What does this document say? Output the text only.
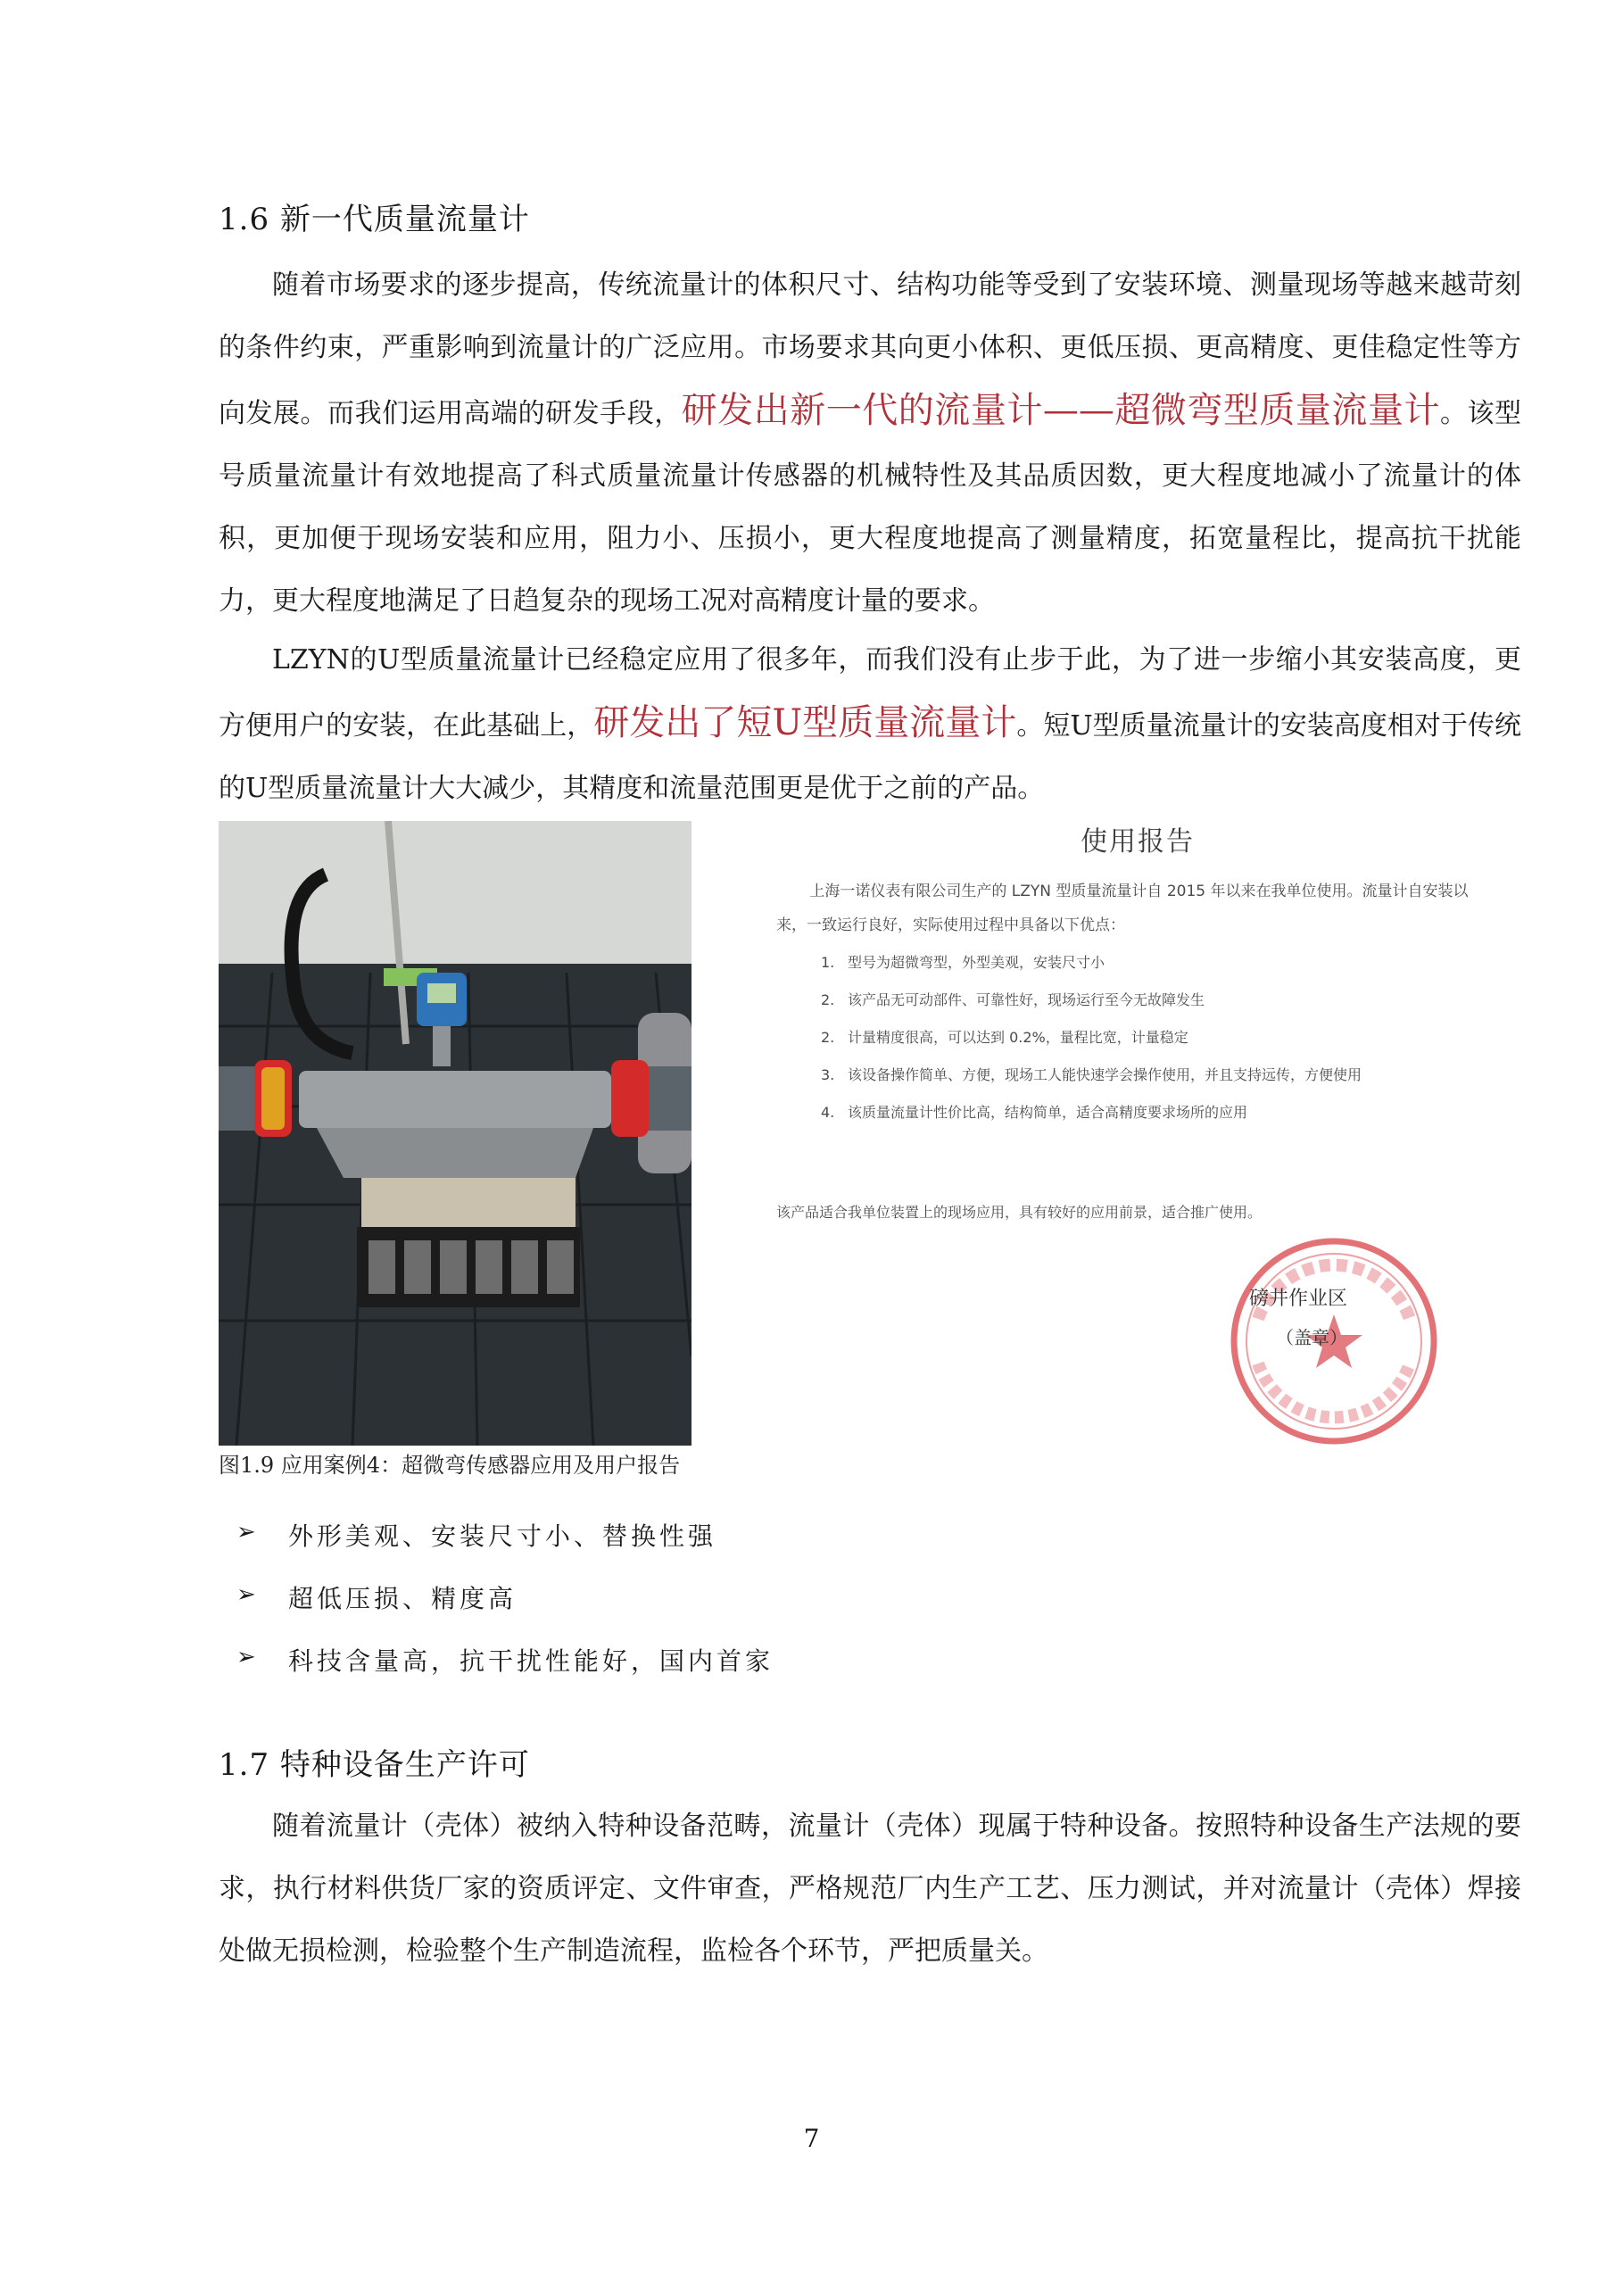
1.6 新一代质量流量计

随着市场要求的逐步提高，传统流量计的体积尺寸、结构功能等受到了安装环境、测量现场等越来越苛刻的条件约束，严重影响到流量计的广泛应用。市场要求其向更小体积、更低压损、更高精度、更佳稳定性等方向发展。而我们运用高端的研发手段，研发出新一代的流量计——超微弯型质量流量计。该型号质量流量计有效地提高了科式质量流量计传感器的机械特性及其品质因数，更大程度地减小了流量计的体积，更加便于现场安装和应用，阻力小、压损小，更大程度地提高了测量精度，拓宽量程比，提高抗干扰能力，更大程度地满足了日趋复杂的现场工况对高精度计量的要求。

LZYN的U型质量流量计已经稳定应用了很多年，而我们没有止步于此，为了进一步缩小其安装高度，更方便用户的安装，在此基础上，研发出了短U型质量流量计。短U型质量流量计的安装高度相对于传统的U型质量流量计大大减少，其精度和流量范围更是优于之前的产品。

使用报告
上海一诺仪表有限公司生产的 LZYN 型质量流量计自 2015 年以来在我单位使用。流量计自安装以来，一致运行良好，实际使用过程中具备以下优点：
1. 型号为超微弯型，外型美观，安装尺寸小
2. 该产品无可动部件、可靠性好，现场运行至今无故障发生
2. 计量精度很高，可以达到 0.2%，量程比宽，计量稳定
3. 该设备操作简单、方便，现场工人能快速学会操作使用，并且支持远传，方便使用
4. 该质量流量计性价比高，结构简单，适合高精度要求场所的应用
该产品适合我单位装置上的现场应用，具有较好的应用前景，适合推广使用。
磅井作业区
（盖章）
图1.9 应用案例4：超微弯传感器应用及用户报告
➢ 外形美观、安装尺寸小、替换性强
➢ 超低压损、精度高
➢ 科技含量高，抗干扰性能好，国内首家
1.7 特种设备生产许可

随着流量计（壳体）被纳入特种设备范畴，流量计（壳体）现属于特种设备。按照特种设备生产法规的要求，执行材料供货厂家的资质评定、文件审查，严格规范厂内生产工艺、压力测试，并对流量计（壳体）焊接处做无损检测，检验整个生产制造流程，监检各个环节，严把质量关。

7
